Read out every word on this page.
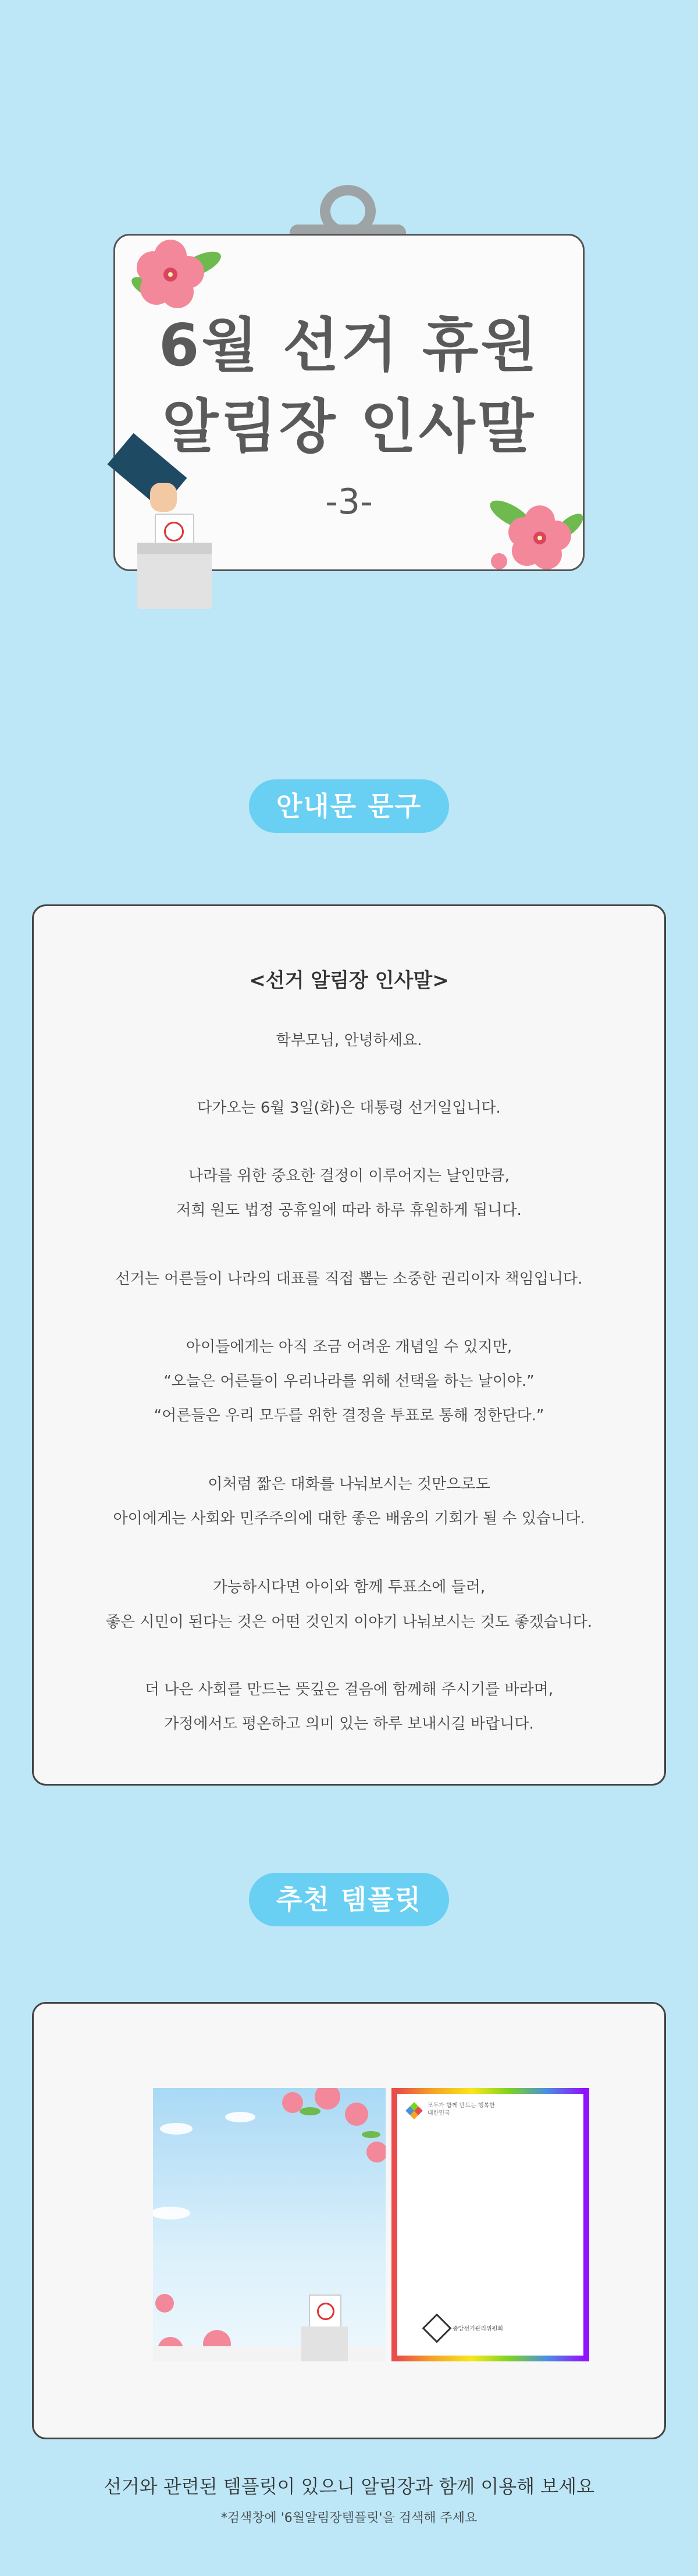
6월 선거 휴원
알림장 인사말
-3-
안내문 문구
<선거 알림장 인사말>
학부모님, 안녕하세요.
다가오는 6월 3일(화)은 대통령 선거일입니다.
나라를 위한 중요한 결정이 이루어지는 날인만큼,
저희 원도 법정 공휴일에 따라 하루 휴원하게 됩니다.
선거는 어른들이 나라의 대표를 직접 뽑는 소중한 권리이자 책임입니다.
아이들에게는 아직 조금 어려운 개념일 수 있지만,
“오늘은 어른들이 우리나라를 위해 선택을 하는 날이야.”
“어른들은 우리 모두를 위한 결정을 투표로 통해 정한단다.”
이처럼 짧은 대화를 나눠보시는 것만으로도
아이에게는 사회와 민주주의에 대한 좋은 배움의 기회가 될 수 있습니다.
가능하시다면 아이와 함께 투표소에 들러,
좋은 시민이 된다는 것은 어떤 것인지 이야기 나눠보시는 것도 좋겠습니다.
더 나은 사회를 만드는 뜻깊은 걸음에 함께해 주시기를 바라며,
가정에서도 평온하고 의미 있는 하루 보내시길 바랍니다.
추천 템플릿
모두가 함께 만드는 행복한 대한민국
중앙선거관리위원회
선거와 관련된 템플릿이 있으니 알림장과 함께 이용해 보세요
*검색창에 '6월알림장템플릿'을 검색해 주세요
